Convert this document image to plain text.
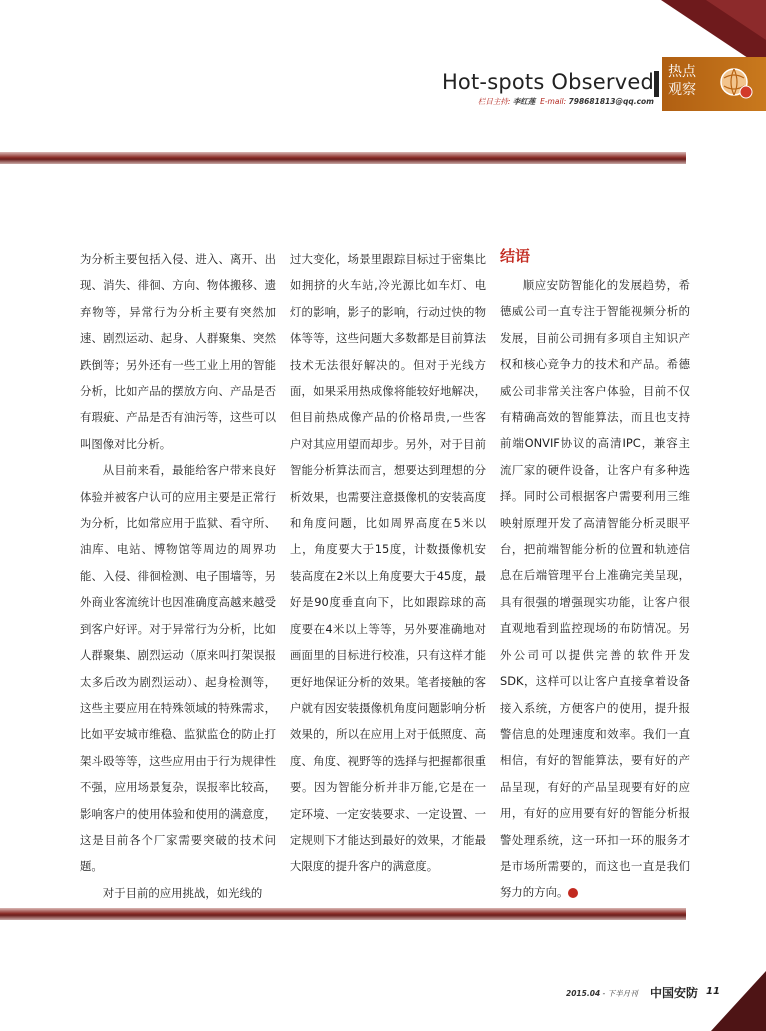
Hot-spots Observed
栏目主持: 李红莲 E-mail: 798681813@qq.com
热点
观察

为分析主要包括入侵、进入、离开、出现、消失、徘徊、方向、物体搬移、遗弃物等，异常行为分析主要有突然加速、剧烈运动、起身、人群聚集、突然跌倒等；另外还有一些工业上用的智能分析，比如产品的摆放方向、产品是否有瑕疵、产品是否有油污等，这些可以叫图像对比分析。

从目前来看，最能给客户带来良好体验并被客户认可的应用主要是正常行为分析，比如常应用于监狱、看守所、油库、电站、博物馆等周边的周界功能、入侵、徘徊检测、电子围墙等，另外商业客流统计也因准确度高越来越受到客户好评。对于异常行为分析，比如人群聚集、剧烈运动（原来叫打架误报太多后改为剧烈运动）、起身检测等，这些主要应用在特殊领域的特殊需求，比如平安城市维稳、监狱监仓的防止打架斗殴等等，这些应用由于行为规律性不强，应用场景复杂，误报率比较高，影响客户的使用体验和使用的满意度，这是目前各个厂家需要突破的技术问题。

对于目前的应用挑战，如光线的

过大变化，场景里跟踪目标过于密集比如拥挤的火车站,冷光源比如车灯、电灯的影响，影子的影响，行动过快的物体等等，这些问题大多数都是目前算法技术无法很好解决的。但对于光线方面，如果采用热成像将能较好地解决，但目前热成像产品的价格昂贵,一些客户对其应用望而却步。另外，对于目前智能分析算法而言，想要达到理想的分析效果，也需要注意摄像机的安装高度和角度问题，比如周界高度在5米以上，角度要大于15度，计数摄像机安装高度在2米以上角度要大于45度，最好是90度垂直向下，比如跟踪球的高度要在4米以上等等，另外要准确地对画面里的目标进行校准，只有这样才能更好地保证分析的效果。笔者接触的客户就有因安装摄像机角度问题影响分析效果的，所以在应用上对于低照度、高度、角度、视野等的选择与把握都很重要。因为智能分析并非万能,它是在一定环境、一定安装要求、一定设置、一定规则下才能达到最好的效果，才能最大限度的提升客户的满意度。

结语

顺应安防智能化的发展趋势，希德威公司一直专注于智能视频分析的发展，目前公司拥有多项自主知识产权和核心竞争力的技术和产品。希德威公司非常关注客户体验，目前不仅有精确高效的智能算法，而且也支持前端ONVIF协议的高清IPC，兼容主流厂家的硬件设备，让客户有多种选择。同时公司根据客户需要利用三维映射原理开发了高清智能分析灵眼平台，把前端智能分析的位置和轨迹信息在后端管理平台上准确完美呈现，具有很强的增强现实功能，让客户很直观地看到监控现场的布防情况。另外公司可以提供完善的软件开发SDK，这样可以让客户直接拿着设备接入系统，方便客户的使用，提升报警信息的处理速度和效率。我们一直相信，有好的智能算法，要有好的产品呈现，有好的产品呈现要有好的应用，有好的应用要有好的智能分析报警处理系统，这一环扣一环的服务才是市场所需要的，而这也一直是我们努力的方向。	S

2015.04 - 下半月刊 中国安防 11
